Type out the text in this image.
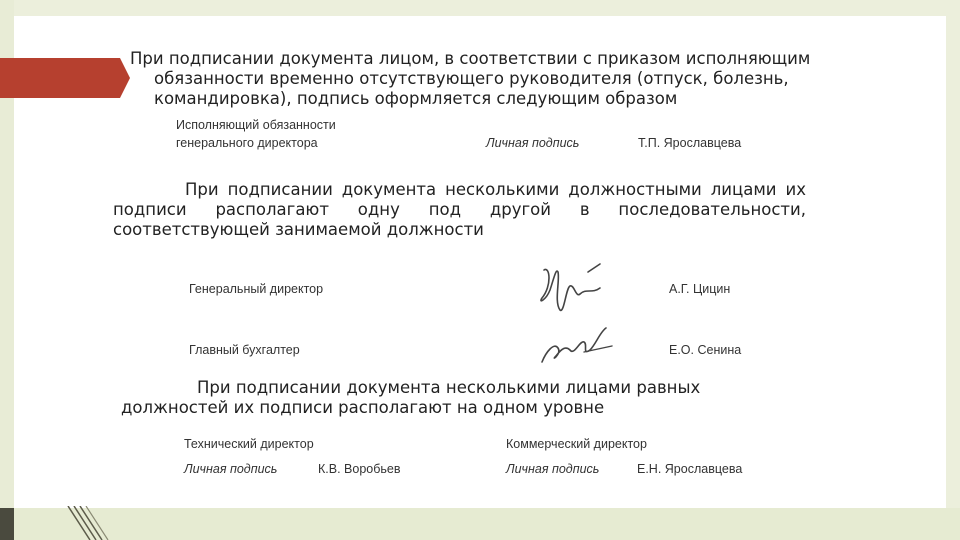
При подписании документа лицом, в соответствии с приказом исполняющим
обязанности временно отсутствующего руководителя (отпуск, болезнь,
командировка), подпись оформляется следующим образом
Исполняющий обязанности
генерального директора	Личная подпись	Т.П. Ярославцева
При подписании документа несколькими должностными лицами их подписи располагают одну под другой в последовательности, соответствующей занимаемой должности
Генеральный директор	А.Г. Цицин
Главный бухгалтер	Е.О. Сенина
При подписании документа несколькими лицами равных должностей их подписи располагают на одном уровне
Технический директор
Личная подпись	К.В. Воробьев
Коммерческий директор
Личная подпись	Е.Н. Ярославцева
